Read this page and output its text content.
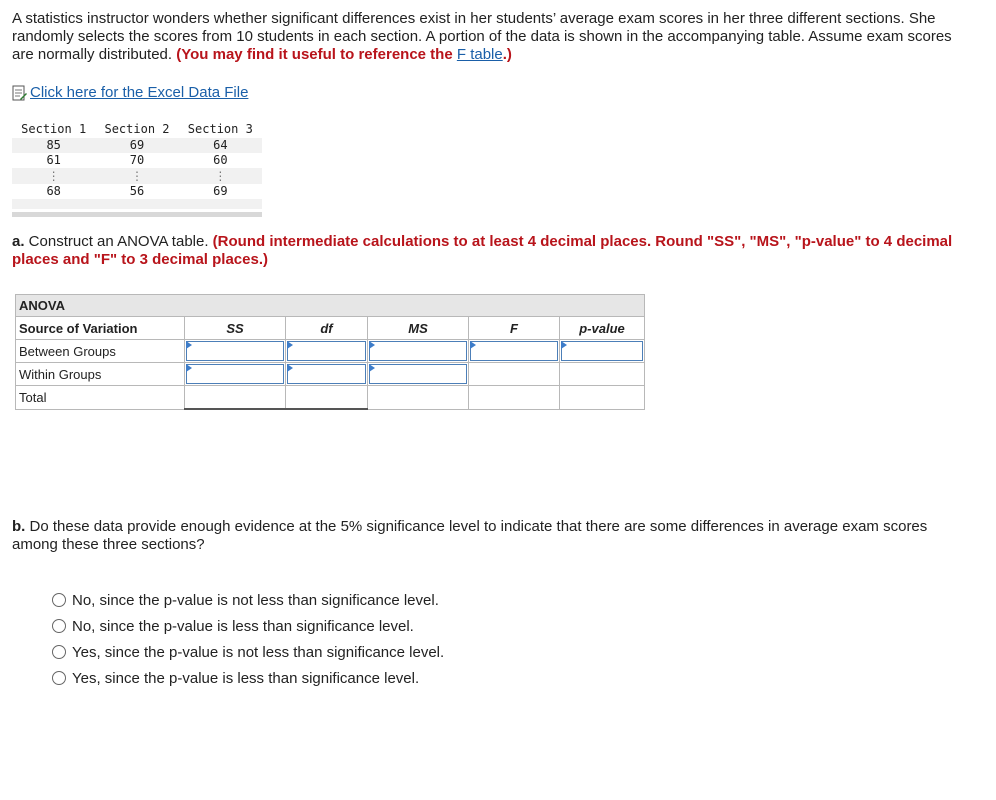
A statistics instructor wonders whether significant differences exist in her students’ average exam scores in her three different sections. She randomly selects the scores from 10 students in each section. A portion of the data is shown in the accompanying table. Assume exam scores are normally distributed. (You may find it useful to reference the F table.)
Click here for the Excel Data File
Section 1	Section 2	Section 3
85	69	64
61	70	60
⋮	⋮	⋮
68	56	69
a. Construct an ANOVA table. (Round intermediate calculations to at least 4 decimal places. Round "SS", "MS", "p-value" to 4 decimal places and "F" to 3 decimal places.)
ANOVA					
Source of Variation	SS	df	MS	F	p-value
Between Groups	

Within Groups	

Total					
b. Do these data provide enough evidence at the 5% significance level to indicate that there are some differences in average exam scores among these three sections?
No, since the p-value is not less than significance level.
No, since the p-value is less than significance level.
Yes, since the p-value is not less than significance level.
Yes, since the p-value is less than significance level.
